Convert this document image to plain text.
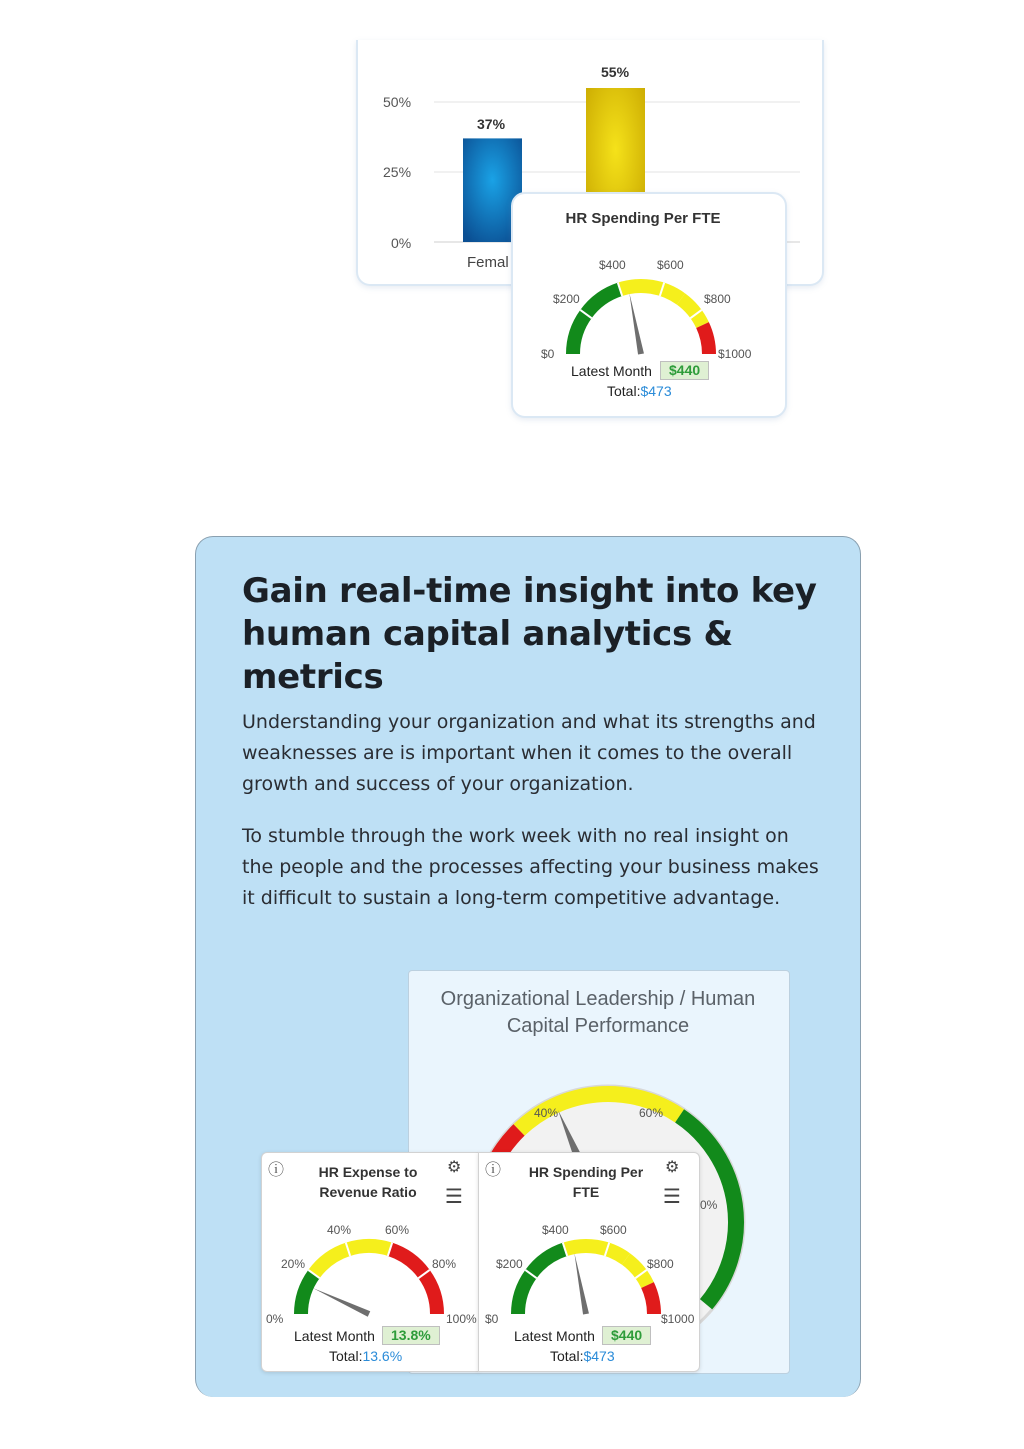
50%
25%
0%
37%
55%
Femal
HR Spending Per FTE
$0
$200
$400	$600
$800
$1000
Latest Month	$440
Total:$473
Gain real-time insight into key human capital analytics & metrics
Understanding your organization and what its strengths and weaknesses are is important when it comes to the overall growth and success of your organization.
To stumble through the work week with no real insight on the people and the processes affecting your business makes it difficult to sustain a long-term competitive advantage.
Organizational Leadership / Human Capital Performance
40%	60%
0%
ⓘ	HR Expense to Revenue Ratio
⚙
☰
0%
20%
40%	60%
80%
100%
Latest Month	13.8%
Total:13.6%
ⓘ	HR Spending Per FTE
⚙
☰
$0
$200
$400	$600
$800
$1000
Latest Month	$440
Total:$473
